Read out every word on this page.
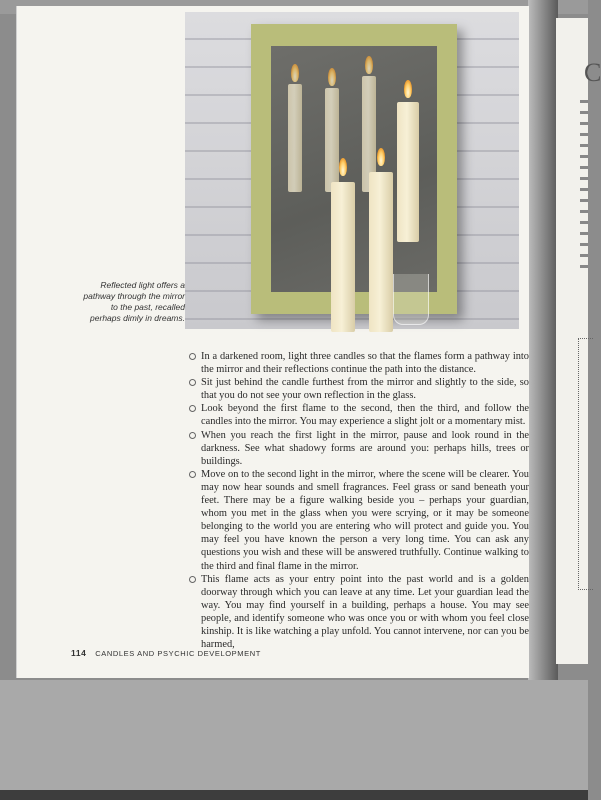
C
Reflected light offers a pathway through the mirror to the past, recalled perhaps dimly in dreams.
In a darkened room, light three candles so that the flames form a pathway into the mirror and their reflections continue the path into the distance.
Sit just behind the candle furthest from the mirror and slightly to the side, so that you do not see your own reflection in the glass.
Look beyond the first flame to the second, then the third, and follow the candles into the mirror. You may experience a slight jolt or a momentary mist.
When you reach the first light in the mirror, pause and look round in the darkness. See what shadowy forms are around you: perhaps hills, trees or buildings.
Move on to the second light in the mirror, where the scene will be clearer. You may now hear sounds and smell fragrances. Feel grass or sand beneath your feet. There may be a figure walking beside you – perhaps your guardian, whom you met in the glass when you were scrying, or it may be someone belonging to the world you are entering who will protect and guide you. You may feel you have known the person a very long time. You can ask any questions you wish and these will be answered truthfully. Continue walking to the third and final flame in the mirror.
This flame acts as your entry point into the past world and is a golden doorway through which you can leave at any time. Let your guardian lead the way. You may find yourself in a building, perhaps a house. You may see people, and identify someone who was once you or with whom you feel close kinship. It is like watching a play unfold. You cannot intervene, nor can you be harmed,
114 CANDLES AND PSYCHIC DEVELOPMENT
